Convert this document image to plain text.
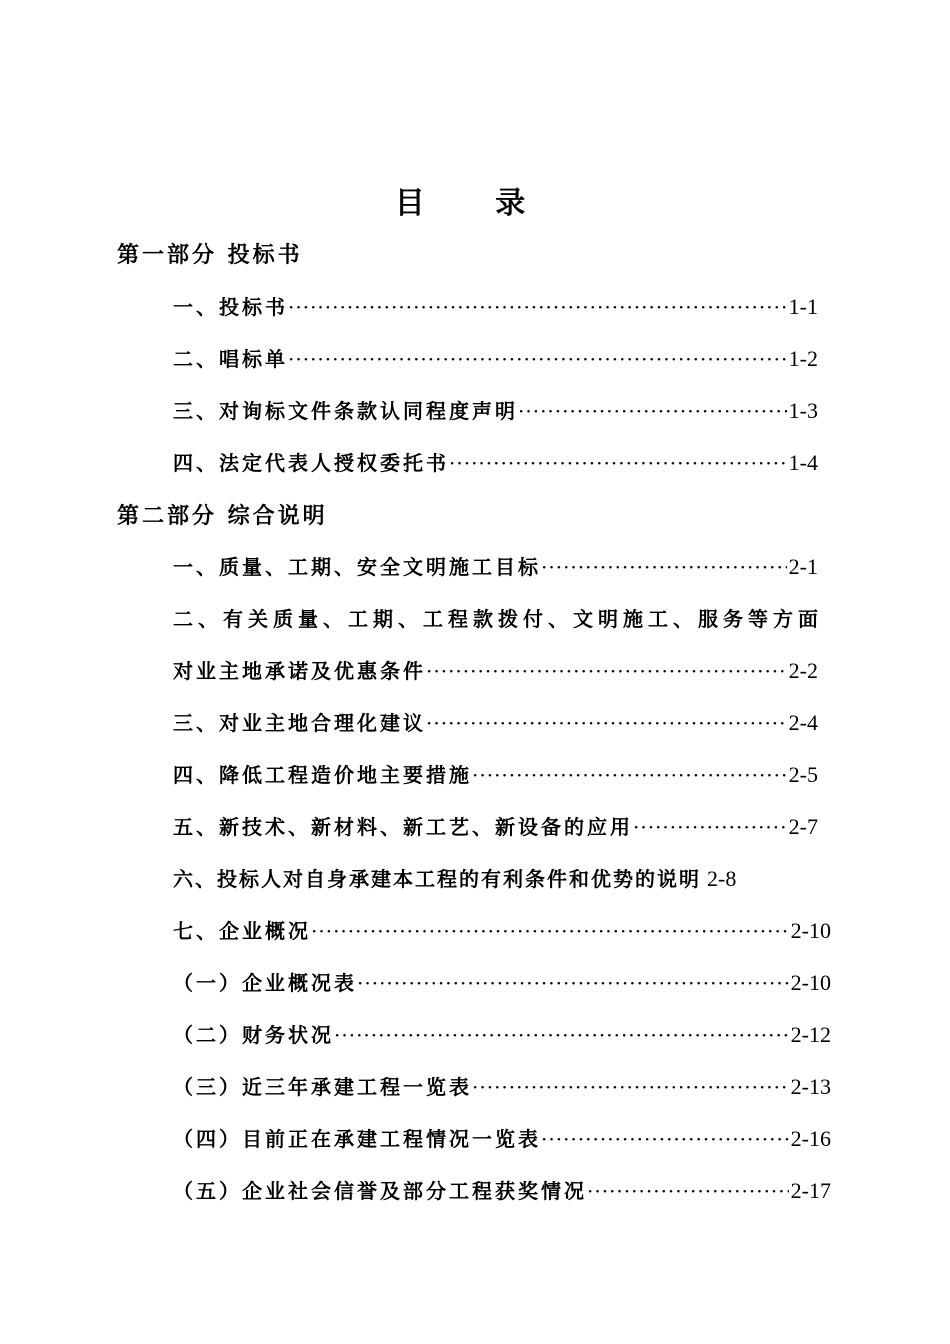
目 录
第一部分 投标书
一、投标书 ·····	1-1
二、唱标单 ·····	1-2
三、对询标文件条款认同程度声明 ·····	1-3
四、法定代表人授权委托书 ·····	1-4
第二部分 综合说明
一、质量、工期、安全文明施工目标 ·····	2-1
二、有关质量、工期、工程款拨付、文明施工、服务等方面
对业主地承诺及优惠条件 ·····	2-2
三、对业主地合理化建议 ·····	2-4
四、降低工程造价地主要措施 ·····	2-5
五、新技术、新材料、新工艺、新设备的应用 ·····	2-7
六、投标人对自身承建本工程的有利条件和优势的说明 2-8
七、企业概况 ·····	2-10
（一）企业概况表 ·····	2-10
（二）财务状况 ·····	2-12
（三）近三年承建工程一览表 ·····	2-13
（四）目前正在承建工程情况一览表 ·····	2-16
（五）企业社会信誉及部分工程获奖情况 ·····	2-17
